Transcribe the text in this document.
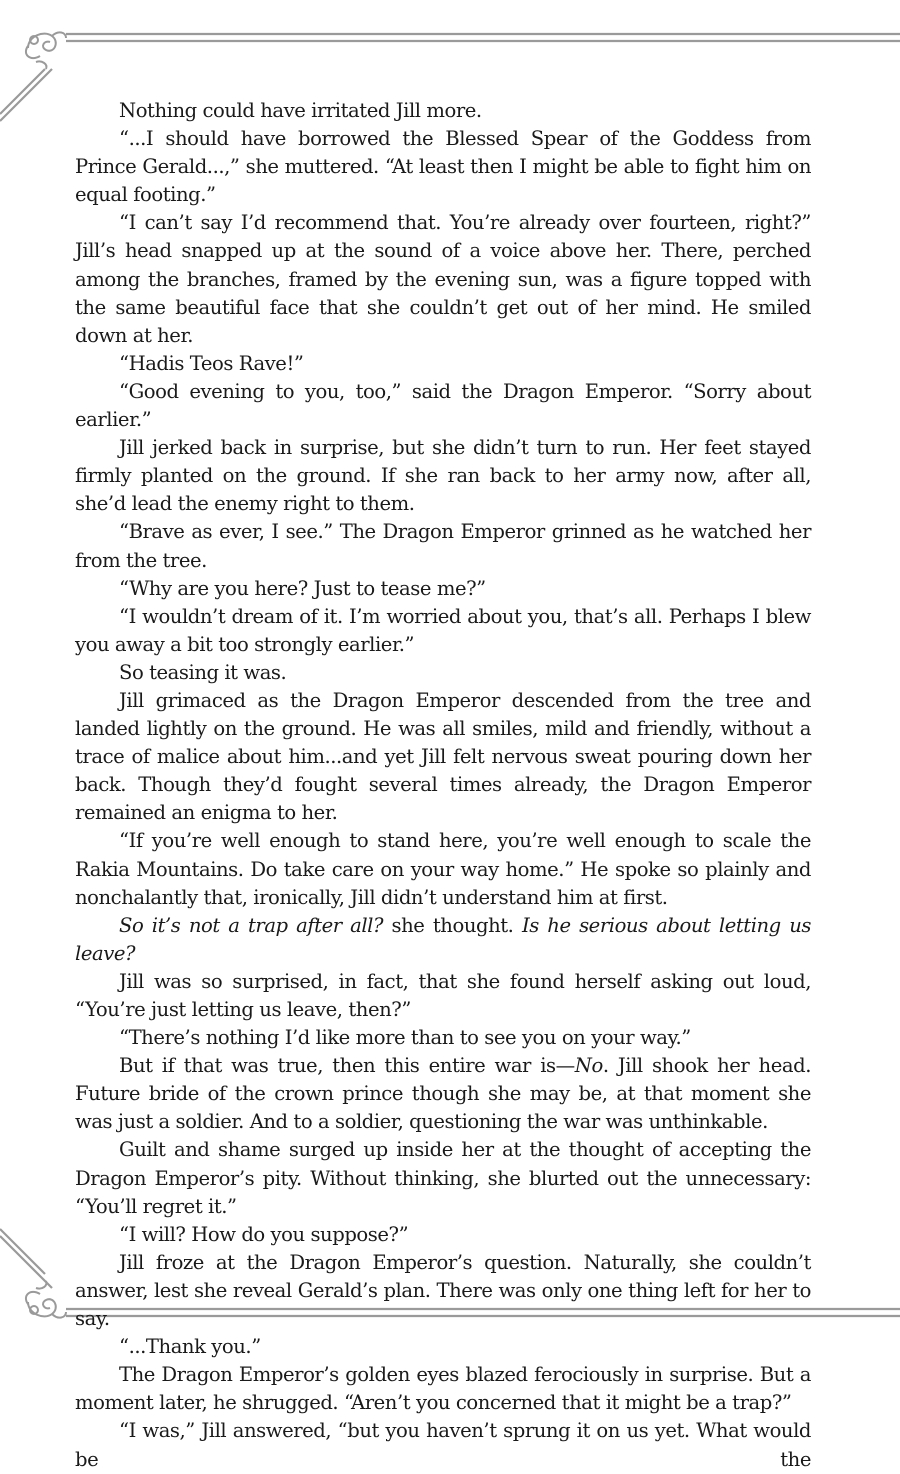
Nothing could have irritated Jill more.

“...I should have borrowed the Blessed Spear of the Goddess from Prince Gerald...,” she muttered. “At least then I might be able to fight him on equal footing.”

“I can’t say I’d recommend that. You’re already over fourteen, right?” Jill’s head snapped up at the sound of a voice above her. There, perched among the branches, framed by the evening sun, was a figure topped with the same beautiful face that she couldn’t get out of her mind. He smiled down at her.

“Hadis Teos Rave!”

“Good evening to you, too,” said the Dragon Emperor. “Sorry about earlier.”

Jill jerked back in surprise, but she didn’t turn to run. Her feet stayed firmly planted on the ground. If she ran back to her army now, after all, she’d lead the enemy right to them.

“Brave as ever, I see.” The Dragon Emperor grinned as he watched her from the tree.

“Why are you here? Just to tease me?”

“I wouldn’t dream of it. I’m worried about you, that’s all. Perhaps I blew you away a bit too strongly earlier.”

So teasing it was.

Jill grimaced as the Dragon Emperor descended from the tree and landed lightly on the ground. He was all smiles, mild and friendly, without a trace of malice about him...and yet Jill felt nervous sweat pouring down her back. Though they’d fought several times already, the Dragon Emperor remained an enigma to her.

“If you’re well enough to stand here, you’re well enough to scale the Rakia Mountains. Do take care on your way home.” He spoke so plainly and nonchalantly that, ironically, Jill didn’t understand him at first.

So it’s not a trap after all? she thought. Is he serious about letting us leave?

Jill was so surprised, in fact, that she found herself asking out loud, “You’re just letting us leave, then?”

“There’s nothing I’d like more than to see you on your way.”

But if that was true, then this entire war is—No. Jill shook her head. Future bride of the crown prince though she may be, at that moment she was just a soldier. And to a soldier, questioning the war was unthinkable.

Guilt and shame surged up inside her at the thought of accepting the Dragon Emperor’s pity. Without thinking, she blurted out the unnecessary: “You’ll regret it.”

“I will? How do you suppose?”

Jill froze at the Dragon Emperor’s question. Naturally, she couldn’t answer, lest she reveal Gerald’s plan. There was only one thing left for her to say.

“...Thank you.”

The Dragon Emperor’s golden eyes blazed ferociously in surprise. But a moment later, he shrugged. “Aren’t you concerned that it might be a trap?”

“I was,” Jill answered, “but you haven’t sprung it on us yet. What would be the
